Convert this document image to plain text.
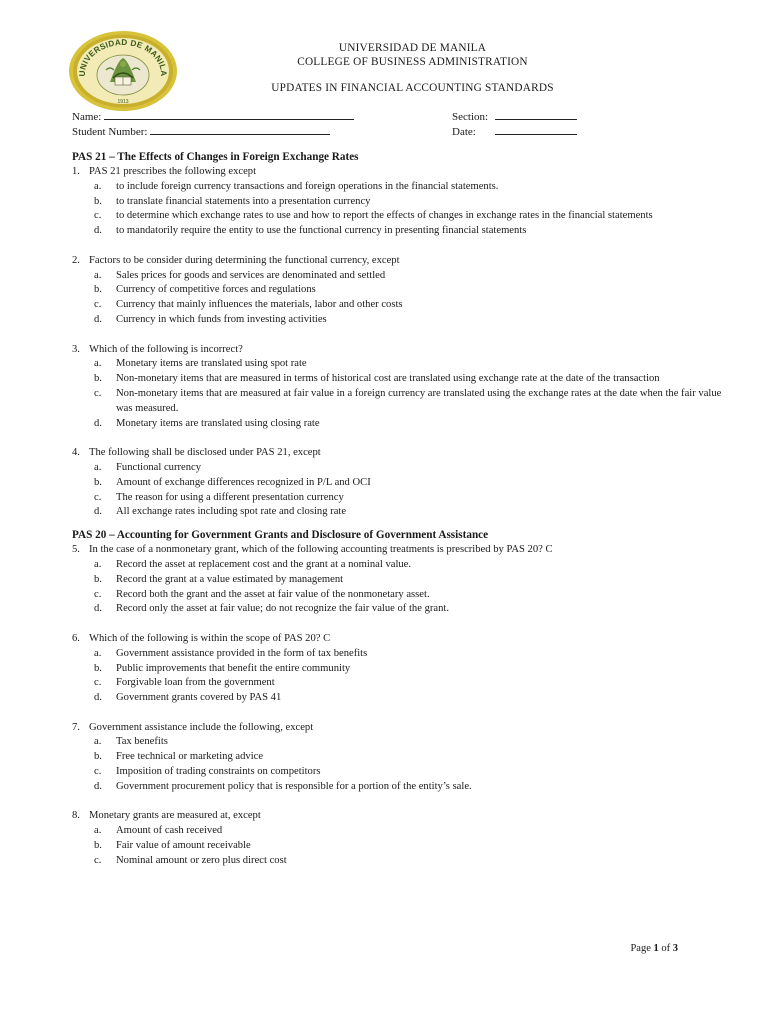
UNIVERSIDAD DE MANILA
1913
UNIVERSIDAD DE MANILA
COLLEGE OF BUSINESS ADMINISTRATION
UPDATES IN FINANCIAL ACCOUNTING STANDARDS
Name:	Section:
Student Number:	Date:
PAS 21 – The Effects of Changes in Foreign Exchange Rates
1. PAS 21 prescribes the following except
a. to include foreign currency transactions and foreign operations in the financial statements.
b. to translate financial statements into a presentation currency
c. to determine which exchange rates to use and how to report the effects of changes in exchange rates in the financial statements
d. to mandatorily require the entity to use the functional currency in presenting financial statements
2. Factors to be consider during determining the functional currency, except
a. Sales prices for goods and services are denominated and settled
b. Currency of competitive forces and regulations
c. Currency that mainly influences the materials, labor and other costs
d. Currency in which funds from investing activities
3. Which of the following is incorrect?
a. Monetary items are translated using spot rate
b. Non-monetary items that are measured in terms of historical cost are translated using exchange rate at the date of the transaction
c. Non-monetary items that are measured at fair value in a foreign currency are translated using the exchange rates at the date when the fair value was measured.
d. Monetary items are translated using closing rate
4. The following shall be disclosed under PAS 21, except
a. Functional currency
b. Amount of exchange differences recognized in P/L and OCI
c. The reason for using a different presentation currency
d. All exchange rates including spot rate and closing rate
PAS 20 – Accounting for Government Grants and Disclosure of Government Assistance
5. In the case of a nonmonetary grant, which of the following accounting treatments is prescribed by PAS 20? C
a. Record the asset at replacement cost and the grant at a nominal value.
b. Record the grant at a value estimated by management
c. Record both the grant and the asset at fair value of the nonmonetary asset.
d. Record only the asset at fair value; do not recognize the fair value of the grant.
6. Which of the following is within the scope of PAS 20? C
a. Government assistance provided in the form of tax benefits
b. Public improvements that benefit the entire community
c. Forgivable loan from the government
d. Government grants covered by PAS 41
7. Government assistance include the following, except
a. Tax benefits
b. Free technical or marketing advice
c. Imposition of trading constraints on competitors
d. Government procurement policy that is responsible for a portion of the entity’s sale.
8. Monetary grants are measured at, except
a. Amount of cash received
b. Fair value of amount receivable
c. Nominal amount or zero plus direct cost
Page 1 of 3
